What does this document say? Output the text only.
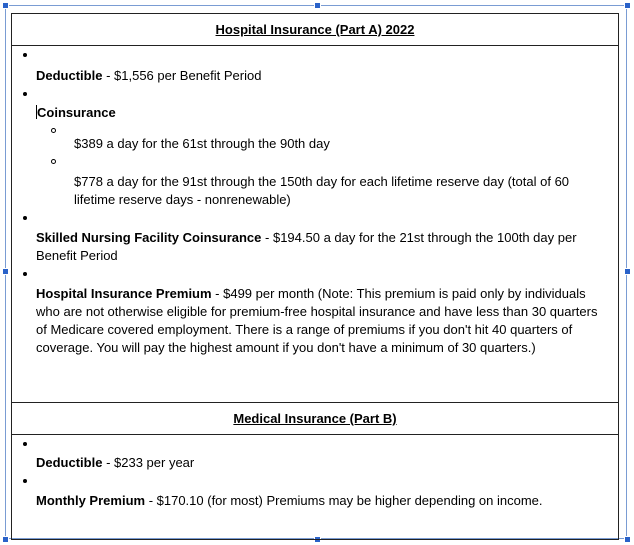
Hospital Insurance (Part A) 2022
Deductible - $1,556 per Benefit Period
Coinsurance
$389 a day for the 61st through the 90th day
$778 a day for the 91st through the 150th day for each lifetime reserve day (total of 60 lifetime reserve days - nonrenewable)
Skilled Nursing Facility Coinsurance - $194.50 a day for the 21st through the 100th day per Benefit Period
Hospital Insurance Premium - $499 per month (Note: This premium is paid only by individuals who are not otherwise eligible for premium-free hospital insurance and have less than 30 quarters of Medicare covered employment. There is a range of premiums if you don't hit 40 quarters of coverage. You will pay the highest amount if you don't have a minimum of 30 quarters.)
Medical Insurance (Part B)
Deductible - $233 per year
Monthly Premium - $170.10 (for most) Premiums may be higher depending on income.
